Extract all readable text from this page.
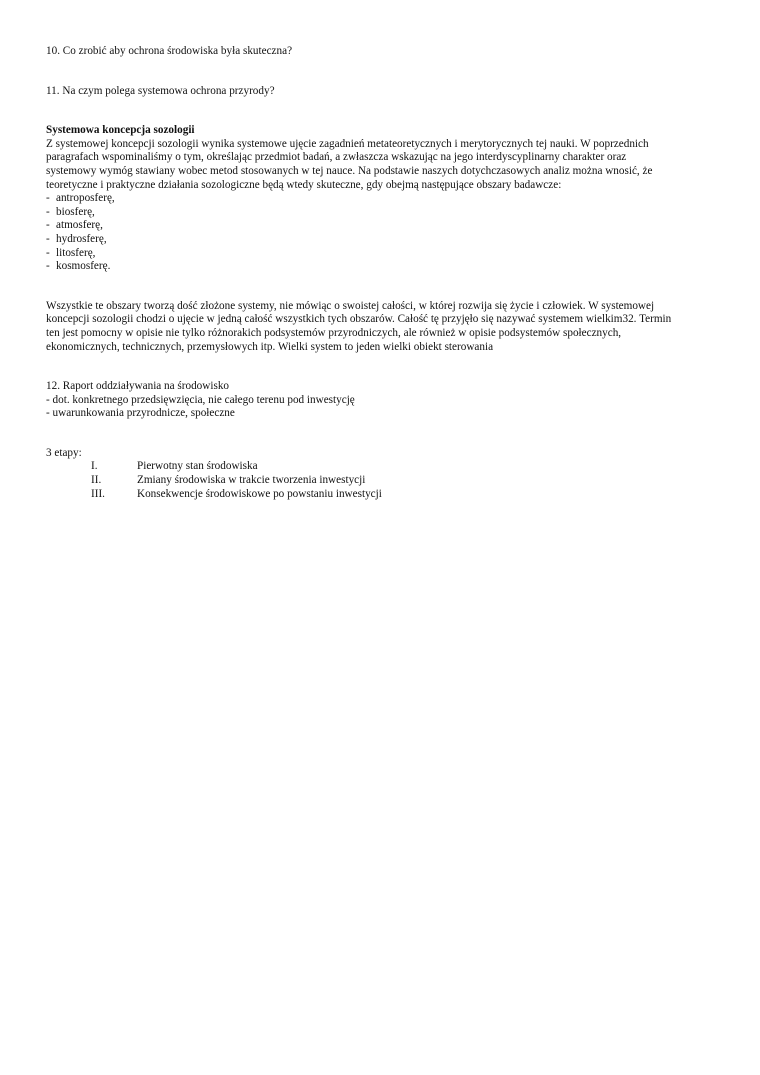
10. Co zrobić aby ochrona środowiska była skuteczna?

11. Na czym polega systemowa ochrona przyrody?

Systemowa koncepcja sozologii

Z systemowej koncepcji sozologii wynika systemowe ujęcie zagadnień metateoretycznych i merytorycznych tej nauki. W poprzednich

paragrafach wspominaliśmy o tym, określając przedmiot badań, a zwłaszcza wskazując na jego interdyscyplinarny charakter oraz

systemowy wymóg stawiany wobec metod stosowanych w tej nauce. Na podstawie naszych dotychczasowych analiz można wnosić, że

teoretyczne i praktyczne działania sozologiczne będą wtedy skuteczne, gdy obejmą następujące obszary badawcze:

- antroposferę,
- biosferę,
- atmosferę,
- hydrosferę,
- litosferę,
- kosmosferę.

Wszystkie te obszary tworzą dość złożone systemy, nie mówiąc o swoistej całości, w której rozwija się życie i człowiek. W systemowej

koncepcji sozologii chodzi o ujęcie w jedną całość wszystkich tych obszarów. Całość tę przyjęło się nazywać systemem wielkim32. Termin

ten jest pomocny w opisie nie tylko różnorakich podsystemów przyrodniczych, ale również w opisie podsystemów społecznych,

ekonomicznych, technicznych, przemysłowych itp. Wielki system to jeden wielki obiekt sterowania

12. Raport oddziaływania na środowisko

- dot. konkretnego przedsięwzięcia, nie całego terenu pod inwestycję

- uwarunkowania przyrodnicze, społeczne

3 etapy:

I.	Pierwotny stan środowiska
II.	Zmiany środowiska w trakcie tworzenia inwestycji
III.	Konsekwencje środowiskowe po powstaniu inwestycji
